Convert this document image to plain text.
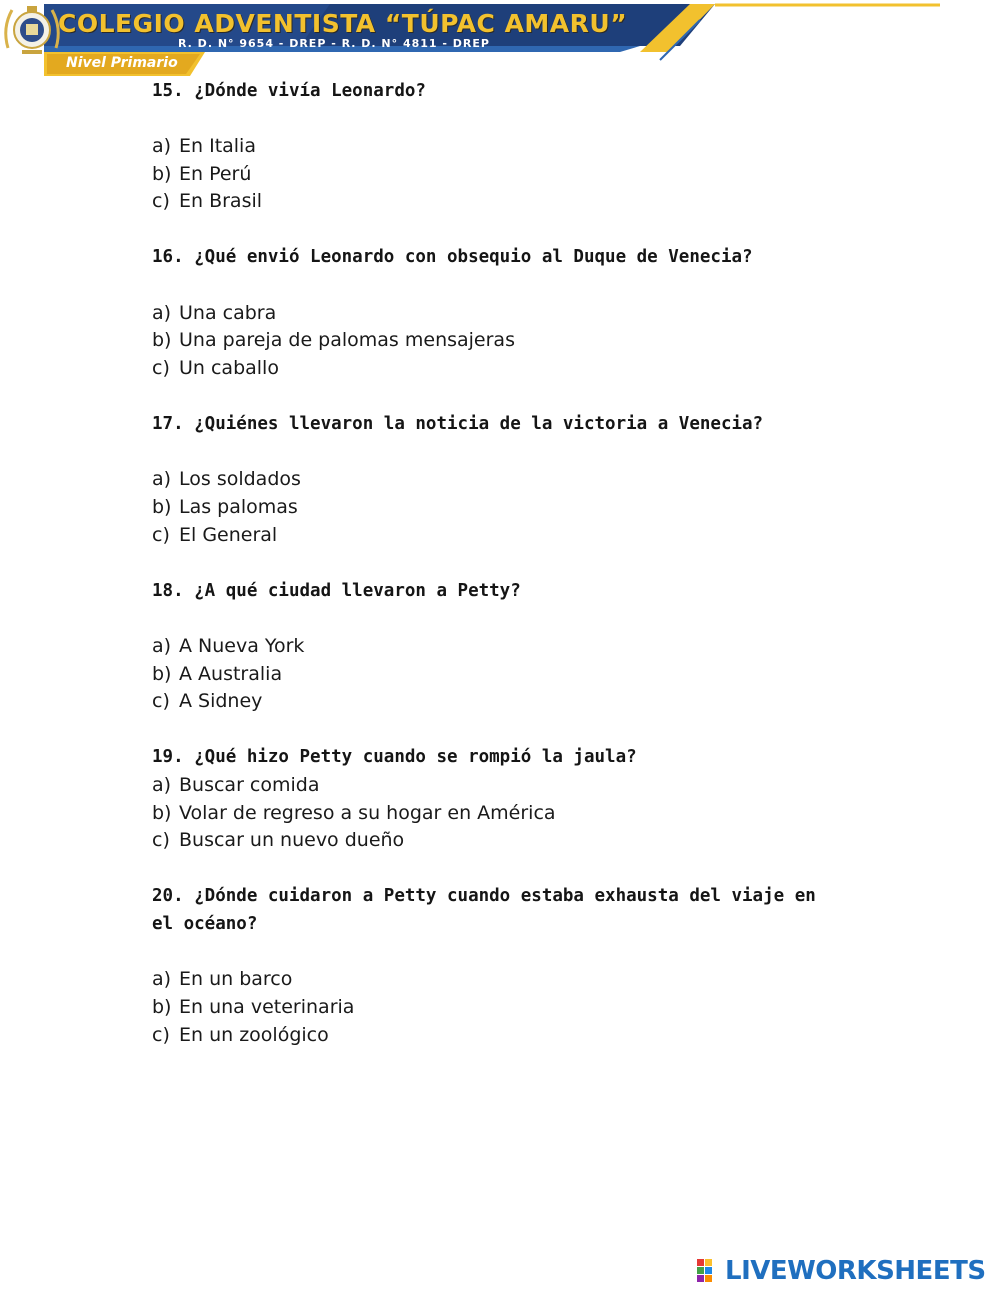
COLEGIO ADVENTISTA “TÚPAC AMARU”

R. D. N° 9654 - DREP - R. D. N° 4811 - DREP

Nivel Primario

15. ¿Dónde vivía Leonardo?

a) En Italia

b) En Perú

c) En Brasil

16. ¿Qué envió Leonardo con obsequio al Duque de Venecia?

a) Una cabra

b) Una pareja de palomas mensajeras

c) Un caballo

17. ¿Quiénes llevaron la noticia de la victoria a Venecia?

a) Los soldados

b) Las palomas

c) El General

18. ¿A qué ciudad llevaron a Petty?

a) A Nueva York

b) A Australia

c) A Sidney

19. ¿Qué hizo Petty cuando se rompió la jaula?

a) Buscar comida

b) Volar de regreso a su hogar en América

c) Buscar un nuevo dueño

20. ¿Dónde cuidaron a Petty cuando estaba exhausta del viaje en el océano?

a) En un barco

b) En una veterinaria

c) En un zoológico

LIVEWORKSHEETS
